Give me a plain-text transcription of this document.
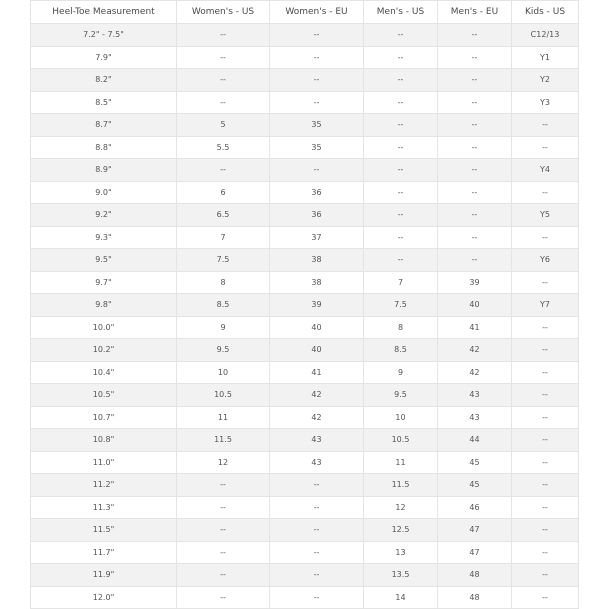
Heel-Toe Measurement	Women's - US	Women's - EU	Men's - US	Men's - EU	Kids - US
7.2" - 7.5"	--	--	--	--	C12/13
7.9"	--	--	--	--	Y1
8.2"	--	--	--	--	Y2
8.5"	--	--	--	--	Y3
8.7"	5	35	--	--	--
8.8"	5.5	35	--	--	--
8.9"	--	--	--	--	Y4
9.0"	6	36	--	--	--
9.2"	6.5	36	--	--	Y5
9.3"	7	37	--	--	--
9.5"	7.5	38	--	--	Y6
9.7"	8	38	7	39	--
9.8"	8.5	39	7.5	40	Y7
10.0"	9	40	8	41	--
10.2"	9.5	40	8.5	42	--
10.4"	10	41	9	42	--
10.5"	10.5	42	9.5	43	--
10.7"	11	42	10	43	--
10.8"	11.5	43	10.5	44	--
11.0"	12	43	11	45	--
11.2"	--	--	11.5	45	--
11.3"	--	--	12	46	--
11.5"	--	--	12.5	47	--
11.7"	--	--	13	47	--
11.9"	--	--	13.5	48	--
12.0"	--	--	14	48	--
